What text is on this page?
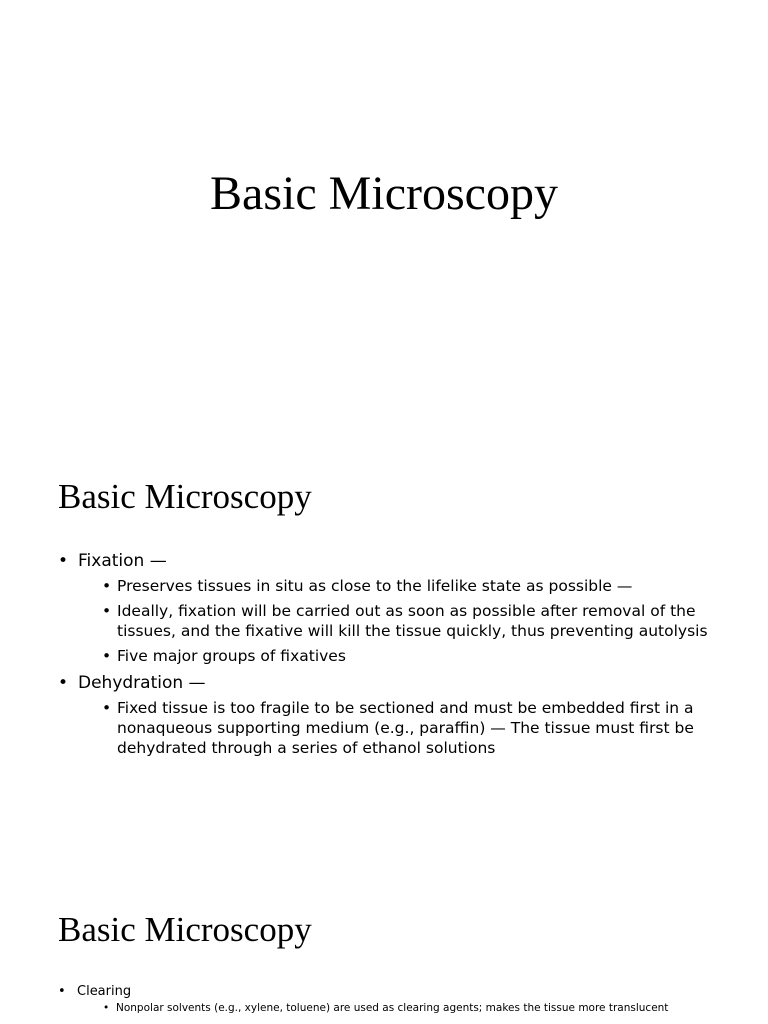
Basic Microscopy
Basic Microscopy
• Fixation —
• Preserves tissues in situ as close to the lifelike state as possible —
• Ideally, fixation will be carried out as soon as possible after removal of the tissues, and the fixative will kill the tissue quickly, thus preventing autolysis
• Five major groups of fixatives
• Dehydration —
• Fixed tissue is too fragile to be sectioned and must be embedded first in a nonaqueous supporting medium (e.g., paraffin) — The tissue must first be dehydrated through a series of ethanol solutions
Basic Microscopy
• Clearing
• Nonpolar solvents (e.g., xylene, toluene) are used as clearing agents; makes the tissue more translucent
